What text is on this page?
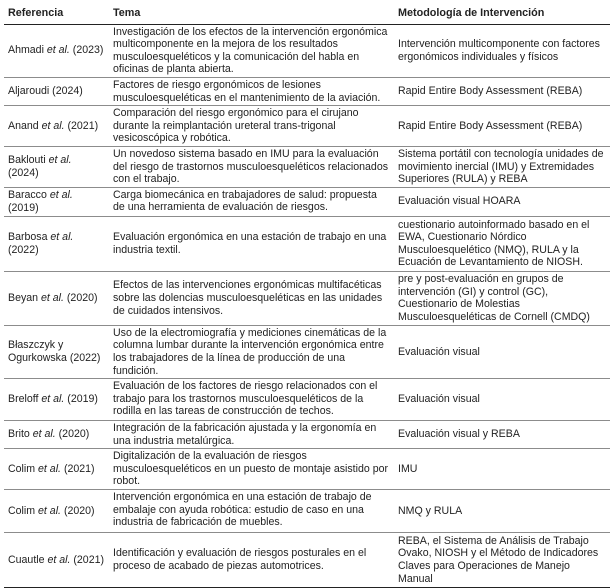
Referencia	Tema	Metodología de Intervención
Ahmadi et al. (2023)	Investigación de los efectos de la intervención ergonómica multicomponente en la mejora de los resultados musculoesqueléticos y la comunicación del habla en oficinas de planta abierta.	Intervención multicomponente con factores ergonómicos individuales y físicos
Aljaroudi (2024)	Factores de riesgo ergonómicos de lesiones musculoesqueléticas en el mantenimiento de la aviación.	Rapid Entire Body Assessment (REBA)
Anand et al. (2021)	Comparación del riesgo ergonómico para el cirujano durante la reimplantación ureteral trans-trigonal vesicoscópica y robótica.	Rapid Entire Body Assessment (REBA)
Baklouti et al. (2024)	Un novedoso sistema basado en IMU para la evaluación del riesgo de trastornos musculoesqueléticos relacionados con el trabajo.	Sistema portátil con tecnología unidades de movimiento inercial (IMU) y Extremidades Superiores (RULA) y REBA
Baracco et al. (2019)	Carga biomecánica en trabajadores de salud: propuesta de una herramienta de evaluación de riesgos.	Evaluación visual HOARA
Barbosa et al. (2022)	Evaluación ergonómica en una estación de trabajo en una industria textil.	cuestionario autoinformado basado en el EWA, Cuestionario Nórdico Musculoesquelético (NMQ), RULA y la Ecuación de Levantamiento de NIOSH.
Beyan et al. (2020)	Efectos de las intervenciones ergonómicas multifacéticas sobre las dolencias musculoesqueléticas en las unidades de cuidados intensivos.	pre y post-evaluación en grupos de intervención (GI) y control (GC), Cuestionario de Molestias Musculoesqueléticas de Cornell (CMDQ)
Błaszczyk y Ogurkowska (2022)	Uso de la electromiografía y mediciones cinemáticas de la columna lumbar durante la intervención ergonómica entre los trabajadores de la línea de producción de una fundición.	Evaluación visual
Breloff et al. (2019)	Evaluación de los factores de riesgo relacionados con el trabajo para los trastornos musculoesqueléticos de la rodilla en las tareas de construcción de techos.	Evaluación visual
Brito et al. (2020)	Integración de la fabricación ajustada y la ergonomía en una industria metalúrgica.	Evaluación visual y REBA
Colim et al. (2021)	Digitalización de la evaluación de riesgos musculoesqueléticos en un puesto de montaje asistido por robot.	IMU
Colim et al. (2020)	Intervención ergonómica en una estación de trabajo de embalaje con ayuda robótica: estudio de caso en una industria de fabricación de muebles.	NMQ y RULA
Cuautle et al. (2021)	Identificación y evaluación de riesgos posturales en el proceso de acabado de piezas automotrices.	REBA, el Sistema de Análisis de Trabajo Ovako, NIOSH y el Método de Indicadores Claves para Operaciones de Manejo Manual
